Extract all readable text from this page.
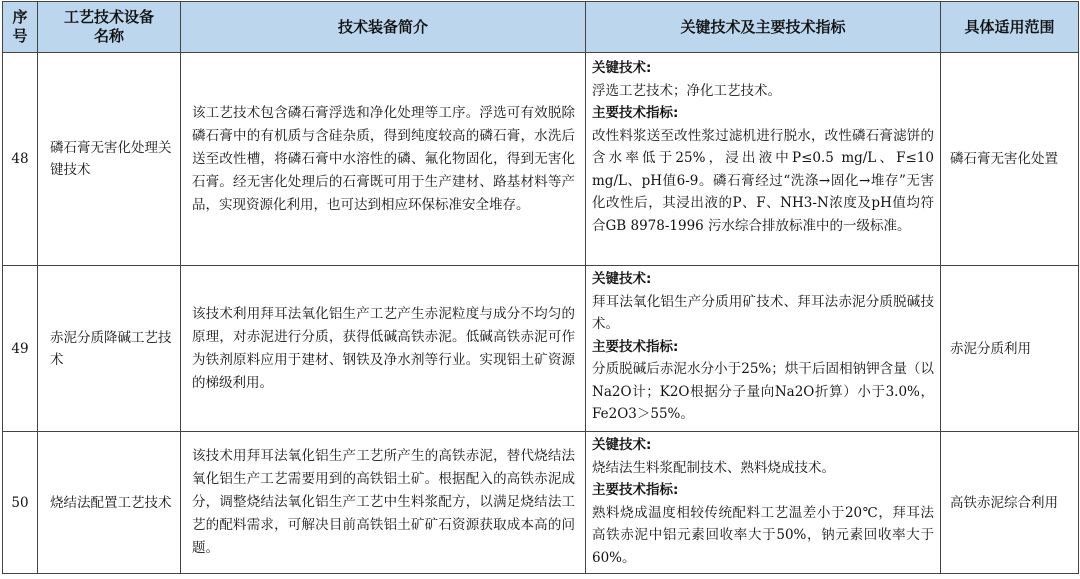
序号	工艺技术设备名称	技术装备简介	关键技术及主要技术指标	具体适用范围
48	磷石膏无害化处理关键技术	该工艺技术包含磷石膏浮选和净化处理等工序。浮选可有效脱除磷石膏中的有机质与含硅杂质，得到纯度较高的磷石膏，水洗后送至改性槽，将磷石膏中水溶性的磷、氟化物固化，得到无害化石膏。经无害化处理后的石膏既可用于生产建材、路基材料等产品，实现资源化利用，也可达到相应环保标准安全堆存。	关键技术:
浮选工艺技术；净化工艺技术。
主要技术指标:
改性料浆送至改性浆过滤机进行脱水，改性磷石膏滤饼的含水率低于25%，浸出液中P≤0.5 mg/L、F≤10 mg/L、pH值6-9。磷石膏经过“洗涤→固化→堆存”无害化改性后，其浸出液的P、F、NH3-N浓度及pH值均符合GB 8978-1996 污水综合排放标准中的一级标准。	磷石膏无害化处置
49	赤泥分质降碱工艺技术	该技术利用拜耳法氧化铝生产工艺产生赤泥粒度与成分不均匀的原理，对赤泥进行分质，获得低碱高铁赤泥。低碱高铁赤泥可作为铁剂原料应用于建材、钢铁及净水剂等行业。实现铝土矿资源的梯级利用。	关键技术:
拜耳法氧化铝生产分质用矿技术、拜耳法赤泥分质脱碱技术。
主要技术指标:
分质脱碱后赤泥水分小于25%；烘干后固相钠钾含量（以Na2O计；K2O根据分子量向Na2O折算）小于3.0%，Fe2O3＞55%。	赤泥分质利用
50	烧结法配置工艺技术	该技术用拜耳法氧化铝生产工艺所产生的高铁赤泥，替代烧结法氧化铝生产工艺需要用到的高铁铝土矿。根据配入的高铁赤泥成分，调整烧结法氧化铝生产工艺中生料浆配方，以满足烧结法工艺的配料需求，可解决目前高铁铝土矿矿石资源获取成本高的问题。	关键技术:
烧结法生料浆配制技术、熟料烧成技术。
主要技术指标:
熟料烧成温度相较传统配料工艺温差小于20℃，拜耳法高铁赤泥中铝元素回收率大于50%，钠元素回收率大于60%。	高铁赤泥综合利用
